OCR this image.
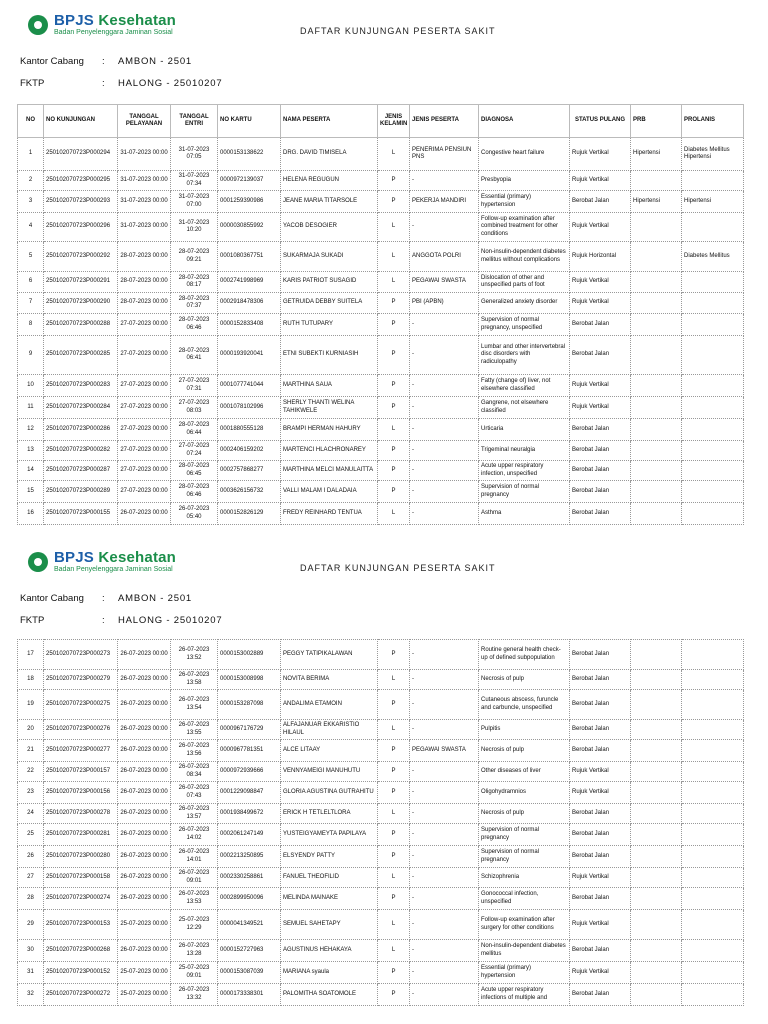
BPJS Kesehatan
Badan Penyelenggara Jaminan Sosial	DAFTAR KUNJUNGAN PESERTA SAKIT
Kantor Cabang	:	AMBON - 2501
FKTP	:	HALONG - 25010207
NO	NO KUNJUNGAN	TANGGAL PELAYANAN	TANGGAL ENTRI	NO KARTU	NAMA PESERTA	JENIS KELAMIN	JENIS PESERTA	DIAGNOSA	STATUS PULANG	PRB	PROLANIS
1	250102070723P000294	31-07-2023 00:00	31-07-2023 07:05	0000153138622	DRG. DAVID TIMISELA	L	PENERIMA PENSIUN PNS	Congestive heart failure	Rujuk Vertikal	Hipertensi	Diabetes Mellitus Hipertensi
2	250102070723P000295	31-07-2023 00:00	31-07-2023 07:34	0000972139037	HELENA REGUGUN	P	-	Presbyopia	Rujuk Vertikal		
3	250102070723P000293	31-07-2023 00:00	31-07-2023 07:00	0001259390986	JEANE MARIA TITARSOLE	P	PEKERJA MANDIRI	Essential (primary) hypertension	Berobat Jalan	Hipertensi	Hipertensi
4	250102070723P000296	31-07-2023 00:00	31-07-2023 10:20	0000030855992	YACOB DESOGIER	L	-	Follow-up examination after combined treatment for other conditions	Rujuk Vertikal		
5	250102070723P000292	28-07-2023 00:00	28-07-2023 09:21	0001080367751	SUKARMAJA SUKADI	L	ANGGOTA POLRI	Non-insulin-dependent diabetes mellitus without complications	Rujuk Horizontal		Diabetes Mellitus
6	250102070723P000291	28-07-2023 00:00	28-07-2023 08:17	0002741998969	KARIS PATRIOT SUSAGID	L	PEGAWAI SWASTA	Dislocation of other and unspecified parts of foot	Rujuk Vertikal		
7	250102070723P000290	28-07-2023 00:00	28-07-2023 07:37	0002918478306	GETRUIDA DEBBY SUITELA	P	PBI (APBN)	Generalized anxiety disorder	Rujuk Vertikal		
8	250102070723P000288	27-07-2023 00:00	28-07-2023 06:46	0000152833408	RUTH TUTUPARY	P	-	Supervision of normal pregnancy, unspecified	Berobat Jalan		
9	250102070723P000285	27-07-2023 00:00	28-07-2023 06:41	0000193920041	ETNI SUBEKTI KURNIASIH	P	-	Lumbar and other intervertebral disc disorders with radiculopathy	Berobat Jalan		
10	250102070723P000283	27-07-2023 00:00	27-07-2023 07:31	0001077741044	MARTHINA SAUA	P	-	Fatty (change of) liver, not elsewhere classified	Rujuk Vertikal		
11	250102070723P000284	27-07-2023 00:00	27-07-2023 08:03	0001078102996	SHERLY THANTI WELINA TAHIKWELE	P	-	Gangrene, not elsewhere classified	Rujuk Vertikal		
12	250102070723P000286	27-07-2023 00:00	28-07-2023 06:44	0001880555128	BRAMPI HERMAN HAHURY	L	-	Urticaria	Berobat Jalan		
13	250102070723P000282	27-07-2023 00:00	27-07-2023 07:24	0002406159202	MARTENCI HLACHRONAREY	P	-	Trigeminal neuralgia	Berobat Jalan		
14	250102070723P000287	27-07-2023 00:00	28-07-2023 06:45	0002757868277	MARTHINA MELCI MANULAITTA	P	-	Acute upper respiratory infection, unspecified	Berobat Jalan		
15	250102070723P000289	27-07-2023 00:00	28-07-2023 06:46	0003626156732	VALLI MALAM I DALADAIA	P	-	Supervision of normal pregnancy	Berobat Jalan		
16	250102070723P000155	26-07-2023 00:00	26-07-2023 05:40	0000152826129	FREDY REINHARD TENTUA	L	-	Asthma	Berobat Jalan		
BPJS Kesehatan
Badan Penyelenggara Jaminan Sosial	DAFTAR KUNJUNGAN PESERTA SAKIT
Kantor Cabang	:	AMBON - 2501
FKTP	:	HALONG - 25010207
17	250102070723P000273	26-07-2023 00:00	26-07-2023 13:52	0000153002889	PEGGY TATIPIKALAWAN	P	-	Routine general health check-up of defined subpopulation	Berobat Jalan		
18	250102070723P000279	26-07-2023 00:00	26-07-2023 13:58	0000153008998	NOVITA BERIMA	L	-	Necrosis of pulp	Berobat Jalan		
19	250102070723P000275	26-07-2023 00:00	26-07-2023 13:54	0000153287098	ANDALIMA ETAMOIN	P	-	Cutaneous abscess, furuncle and carbuncle, unspecified	Berobat Jalan		
20	250102070723P000276	26-07-2023 00:00	26-07-2023 13:55	0000967176729	ALFAJANUAR EKKARISTIO HILAUL	L	-	Pulpitis	Berobat Jalan		
21	250102070723P000277	26-07-2023 00:00	26-07-2023 13:56	0000967781351	ALCE LITAAY	P	PEGAWAI SWASTA	Necrosis of pulp	Berobat Jalan		
22	250102070723P000157	26-07-2023 00:00	26-07-2023 08:34	0000972939666	VENNYAMEIGI MANUHUTU	P	-	Other diseases of liver	Rujuk Vertikal		
23	250102070723P000156	26-07-2023 00:00	26-07-2023 07:43	0001229098847	GLORIA AGUSTINA GUTRAHITU	P	-	Oligohydramnios	Rujuk Vertikal		
24	250102070723P000278	26-07-2023 00:00	26-07-2023 13:57	0001938499672	ERICK H TETLELTLORA	L	-	Necrosis of pulp	Berobat Jalan		
25	250102070723P000281	26-07-2023 00:00	26-07-2023 14:02	0002061247149	YUSTEIGYAMEYTA PAPILAYA	P	-	Supervision of normal pregnancy	Berobat Jalan		
26	250102070723P000280	26-07-2023 00:00	26-07-2023 14:01	0002213250895	ELSYENDY PATTY	P	-	Supervision of normal pregnancy	Berobat Jalan		
27	250102070723P000158	26-07-2023 00:00	26-07-2023 09:01	0002330258861	FANUEL THEOFILID	L	-	Schizophrenia	Rujuk Vertikal		
28	250102070723P000274	26-07-2023 00:00	26-07-2023 13:53	0002899950096	MELINDA MAINAKE	P	-	Gonococcal infection, unspecified	Berobat Jalan		
29	250102070723P000153	25-07-2023 00:00	25-07-2023 12:29	0000041349521	SEMUEL SAHETAPY	L	-	Follow-up examination after surgery for other conditions	Rujuk Vertikal		
30	250102070723P000268	26-07-2023 00:00	26-07-2023 13:28	0000152727963	AGUSTINUS HEHAKAYA	L	-	Non-insulin-dependent diabetes mellitus	Berobat Jalan		
31	250102070723P000152	25-07-2023 00:00	25-07-2023 09:01	0000153087039	MARIANA syaula	P	-	Essential (primary) hypertension	Rujuk Vertikal		
32	250102070723P000272	25-07-2023 00:00	26-07-2023 13:32	0000173338301	PALOMITHA SOATOMOLE	P	-	Acute upper respiratory infections of multiple and	Berobat Jalan		
